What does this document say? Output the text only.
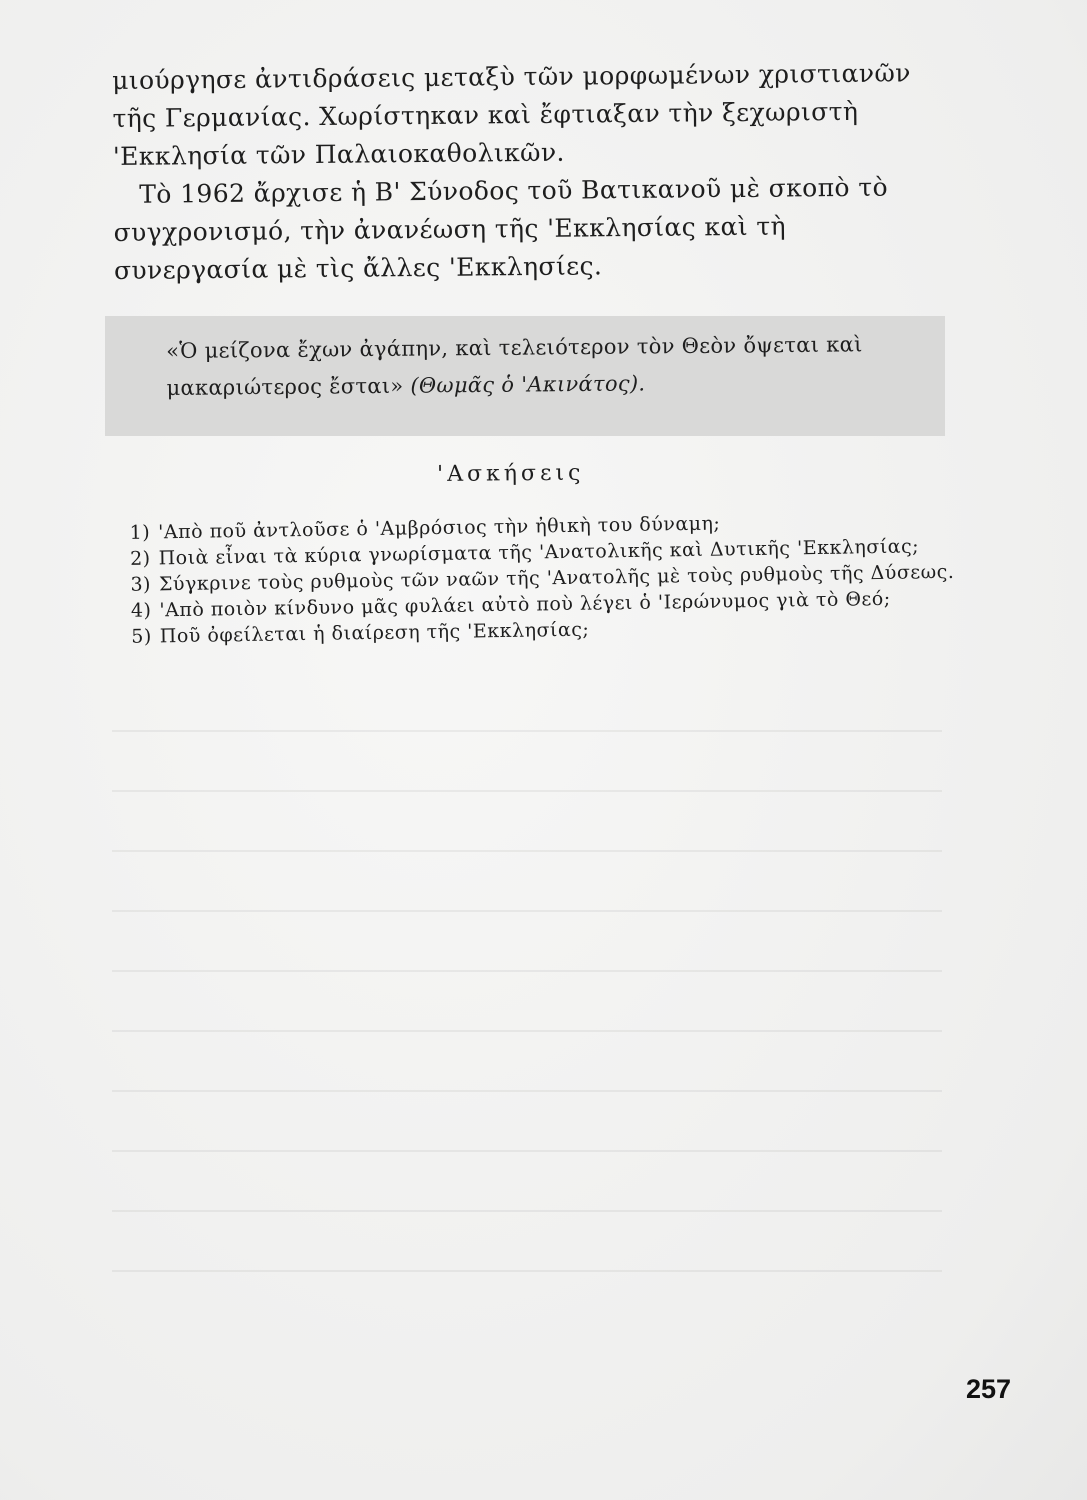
μιούργησε ἀντιδράσεις μεταξὺ τῶν μορφωμένων χριστιανῶν τῆς Γερμανίας. Χωρίστηκαν καὶ ἔφτιαξαν τὴν ξεχωριστὴ 'Εκκλησία τῶν Παλαιοκαθολικῶν.

Τὸ 1962 ἄρχισε ἡ Β' Σύνοδος τοῦ Βατικανοῦ μὲ σκοπὸ τὸ συγχρονισμό, τὴν ἀνανέωση τῆς 'Εκκλησίας καὶ τὴ συνεργασία μὲ τὶς ἄλλες 'Εκκλησίες.

«Ὁ μείζονα ἔχων ἀγάπην, καὶ τελειότερον τὸν Θεὸν ὄψεται καὶ μακαριώτερος ἔσται» (Θωμᾶς ὁ 'Ακινάτος).
'Ασκήσεις
1) 'Απὸ ποῦ ἀντλοῦσε ὁ 'Αμβρόσιος τὴν ἠθικὴ του δύναμη;
2) Ποιὰ εἶναι τὰ κύρια γνωρίσματα τῆς 'Ανατολικῆς καὶ Δυτικῆς 'Εκκλησίας;
3) Σύγκρινε τοὺς ρυθμοὺς τῶν ναῶν τῆς 'Ανατολῆς μὲ τοὺς ρυθμοὺς τῆς Δύσεως.
4) 'Απὸ ποιὸν κίνδυνο μᾶς φυλάει αὐτὸ ποὺ λέγει ὁ 'Ιερώνυμος γιὰ τὸ Θεό;
5) Ποῦ ὀφείλεται ἡ διαίρεση τῆς 'Εκκλησίας;
257
